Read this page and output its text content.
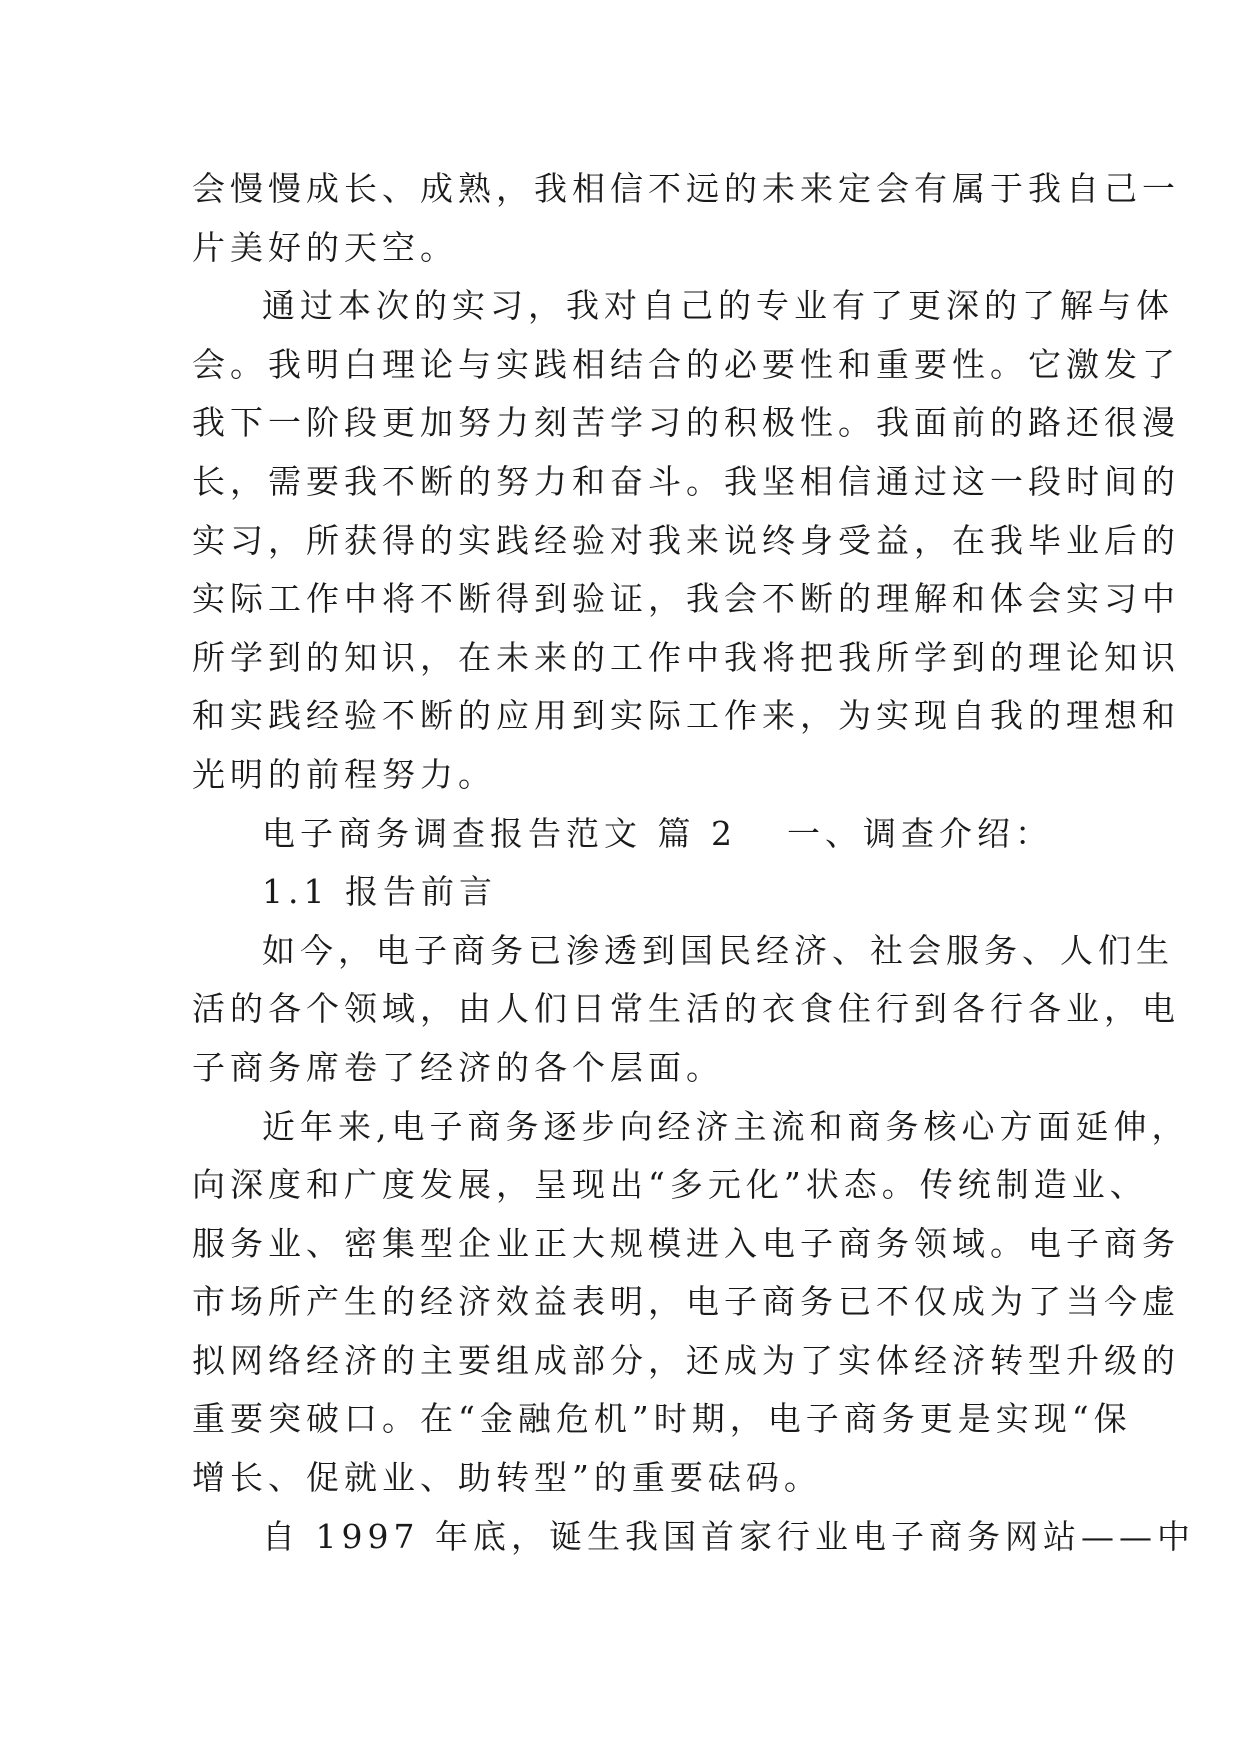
会慢慢成长、成熟，我相信不远的未来定会有属于我自己一
片美好的天空。
通过本次的实习，我对自己的专业有了更深的了解与体
会。我明白理论与实践相结合的必要性和重要性。它激发了
我下一阶段更加努力刻苦学习的积极性。我面前的路还很漫
长，需要我不断的努力和奋斗。我坚相信通过这一段时间的
实习，所获得的实践经验对我来说终身受益，在我毕业后的
实际工作中将不断得到验证，我会不断的理解和体会实习中
所学到的知识，在未来的工作中我将把我所学到的理论知识
和实践经验不断的应用到实际工作来，为实现自我的理想和
光明的前程努力。
电子商务调查报告范文 篇 2 一、调查介绍：
1.1 报告前言
如今，电子商务已渗透到国民经济、社会服务、人们生
活的各个领域，由人们日常生活的衣食住行到各行各业，电
子商务席卷了经济的各个层面。
近年来,电子商务逐步向经济主流和商务核心方面延伸，
向深度和广度发展，呈现出“多元化”状态。传统制造业、
服务业、密集型企业正大规模进入电子商务领域。电子商务
市场所产生的经济效益表明，电子商务已不仅成为了当今虚
拟网络经济的主要组成部分，还成为了实体经济转型升级的
重要突破口。在“金融危机”时期，电子商务更是实现“保
增长、促就业、助转型”的重要砝码。
自 1997 年底，诞生我国首家行业电子商务网站——中
